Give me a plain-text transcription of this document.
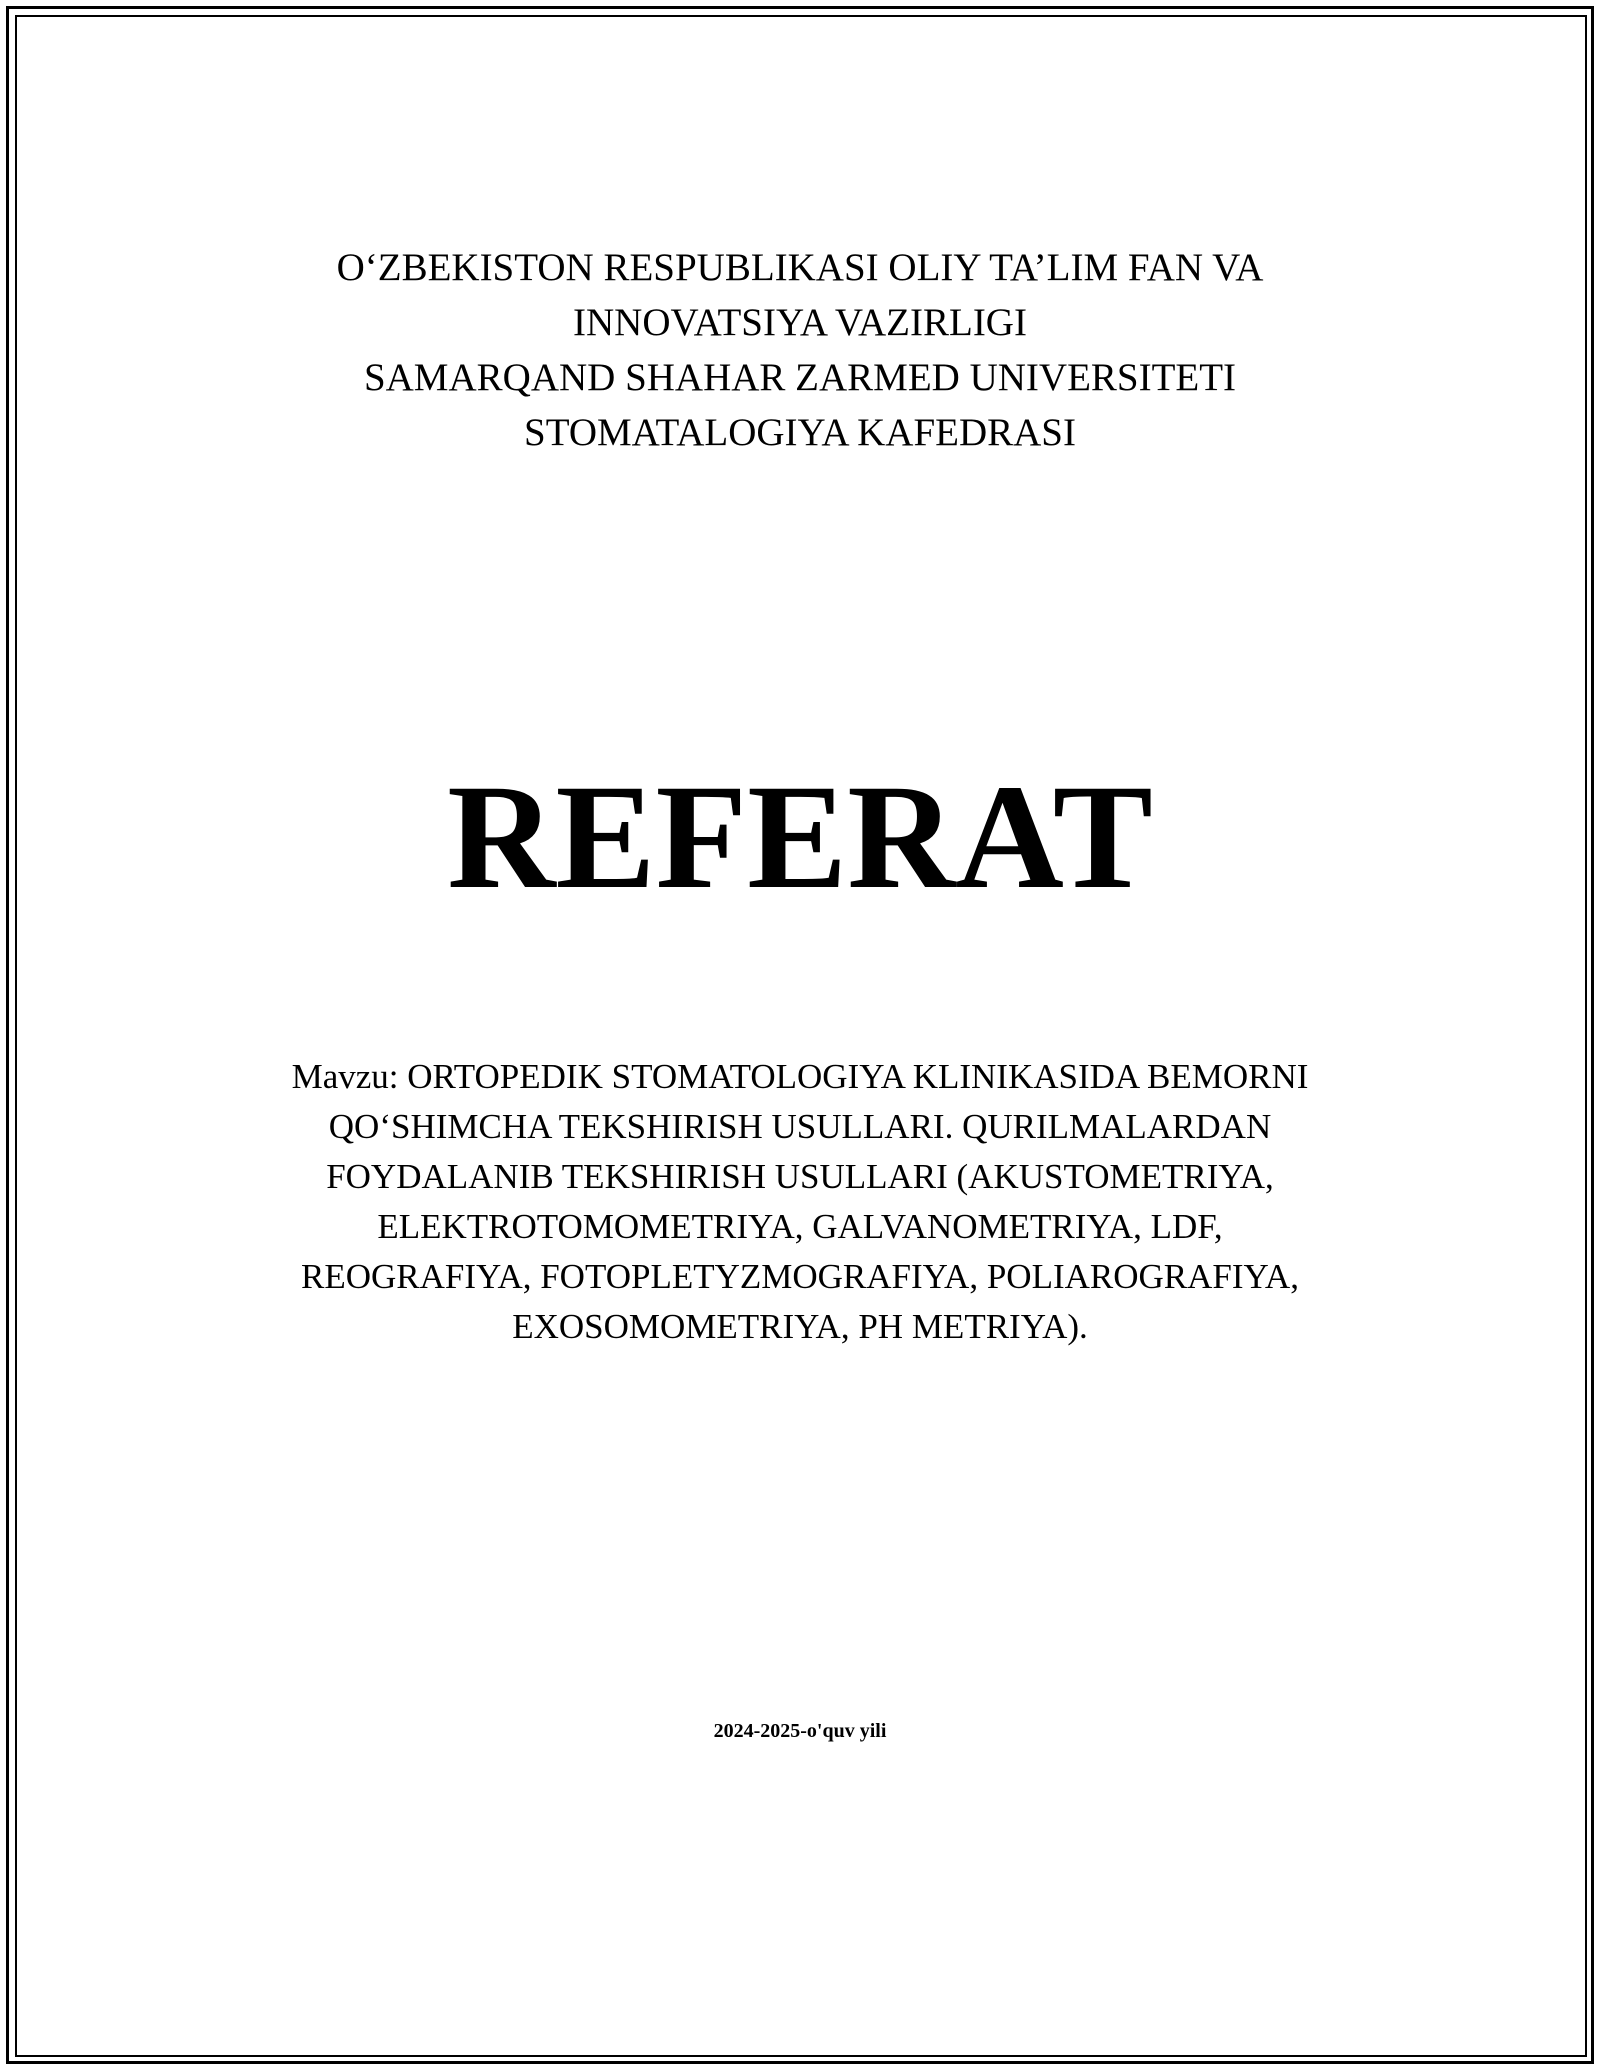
O‘ZBEKISTON RESPUBLIKASI OLIY TA’LIM FAN VA
INNOVATSIYA VAZIRLIGI
SAMARQAND SHAHAR ZARMED UNIVERSITETI
STOMATALOGIYA KAFEDRASI
REFERAT
Mavzu: ORTOPEDIK STOMATOLOGIYA KLINIKASIDA BEMORNI
QO‘SHIMCHA TEKSHIRISH USULLARI. QURILMALARDAN
FOYDALANIB TEKSHIRISH USULLARI (AKUSTOMETRIYA,
ELEKTROTOMOMETRIYA, GALVANOMETRIYA, LDF,
REOGRAFIYA, FOTOPLETYZMOGRAFIYA, POLIAROGRAFIYA,
EXOSOMOMETRIYA, PH METRIYA).
2024-2025-o'quv yili
